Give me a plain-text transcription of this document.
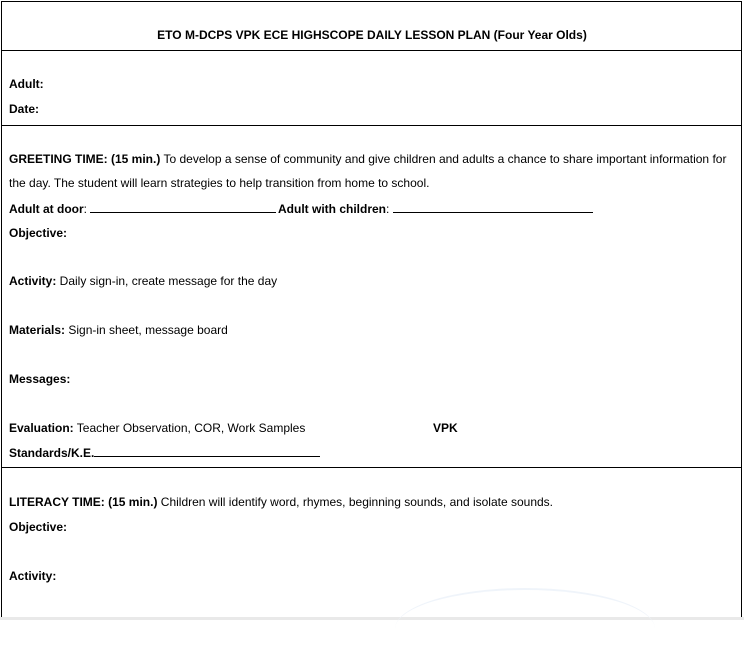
ETO M-DCPS VPK ECE HIGHSCOPE DAILY LESSON PLAN (Four Year Olds)
Adult:
Date:
GREETING TIME: (15 min.) To develop a sense of community and give children and adults a chance to share important information for
the day. The student will learn strategies to help transition from home to school.
Adult at door:	Adult with children:
Objective:
Activity: Daily sign-in, create message for the day
Materials: Sign-in sheet, message board
Messages:
Evaluation: Teacher Observation, COR, Work Samples	VPK
Standards/K.E.
LITERACY TIME: (15 min.) Children will identify word, rhymes, beginning sounds, and isolate sounds.
Objective:
Activity:
